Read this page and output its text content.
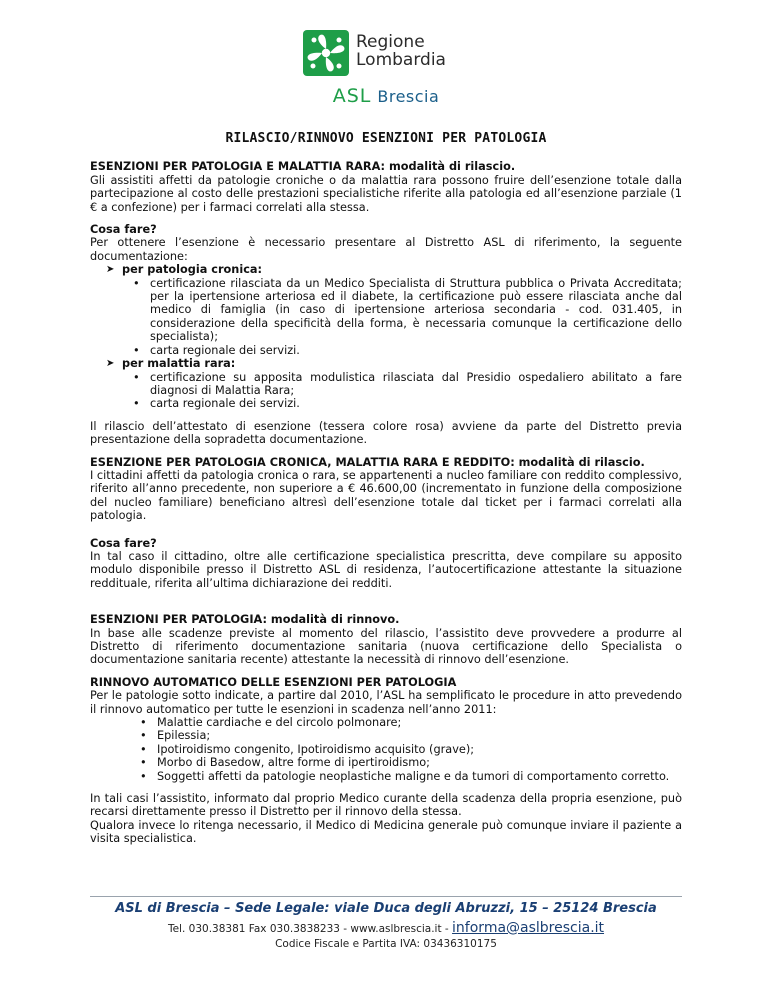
Regione
Lombardia
ASL Brescia
RILASCIO/RINNOVO ESENZIONI PER PATOLOGIA

ESENZIONI PER PATOLOGIA E MALATTIA RARA: modalità di rilascio.

Gli assistiti affetti da patologie croniche o da malattia rara possono fruire dell’esenzione totale dalla partecipazione al costo delle prestazioni specialistiche riferite alla patologia ed all’esenzione parziale (1 € a confezione) per i farmaci correlati alla stessa.

Cosa fare?

Per ottenere l’esenzione è necessario presentare al Distretto ASL di riferimento, la seguente documentazione:

➤ per patologia cronica:
• certificazione rilasciata da un Medico Specialista di Struttura pubblica o Privata Accreditata; per la ipertensione arteriosa ed il diabete, la certificazione può essere rilasciata anche dal medico di famiglia (in caso di ipertensione arteriosa secondaria - cod. 031.405, in considerazione della specificità della forma, è necessaria comunque la certificazione dello specialista);
• carta regionale dei servizi.
➤ per malattia rara:
• certificazione su apposita modulistica rilasciata dal Presidio ospedaliero abilitato a fare diagnosi di Malattia Rara;
• carta regionale dei servizi.

Il rilascio dell’attestato di esenzione (tessera colore rosa) avviene da parte del Distretto previa presentazione della sopradetta documentazione.

ESENZIONE PER PATOLOGIA CRONICA, MALATTIA RARA E REDDITO: modalità di rilascio.

I cittadini affetti da patologia cronica o rara, se appartenenti a nucleo familiare con reddito complessivo, riferito all’anno precedente, non superiore a € 46.600,00 (incrementato in funzione della composizione del nucleo familiare) beneficiano altresì dell’esenzione totale dal ticket per i farmaci correlati alla patologia.

Cosa fare?

In tal caso il cittadino, oltre alle certificazione specialistica prescritta, deve compilare su apposito modulo disponibile presso il Distretto ASL di residenza, l’autocertificazione attestante la situazione reddituale, riferita all’ultima dichiarazione dei redditi.

ESENZIONI PER PATOLOGIA: modalità di rinnovo.

In base alle scadenze previste al momento del rilascio, l’assistito deve provvedere a produrre al Distretto di riferimento documentazione sanitaria (nuova certificazione dello Specialista o documentazione sanitaria recente) attestante la necessità di rinnovo dell’esenzione.

RINNOVO AUTOMATICO DELLE ESENZIONI PER PATOLOGIA

Per le patologie sotto indicate, a partire dal 2010, l’ASL ha semplificato le procedure in atto prevedendo il rinnovo automatico per tutte le esenzioni in scadenza nell’anno 2011:

• Malattie cardiache e del circolo polmonare;
• Epilessia;
• Ipotiroidismo congenito, Ipotiroidismo acquisito (grave);
• Morbo di Basedow, altre forme di ipertiroidismo;
• Soggetti affetti da patologie neoplastiche maligne e da tumori di comportamento corretto.

In tali casi l’assistito, informato dal proprio Medico curante della scadenza della propria esenzione, può recarsi direttamente presso il Distretto per il rinnovo della stessa.

Qualora invece lo ritenga necessario, il Medico di Medicina generale può comunque inviare il paziente a visita specialistica.

ASL di Brescia – Sede Legale: viale Duca degli Abruzzi, 15 – 25124 Brescia
Tel. 030.38381 Fax 030.3838233 - www.aslbrescia.it - informa@aslbrescia.it
Codice Fiscale e Partita IVA: 03436310175
